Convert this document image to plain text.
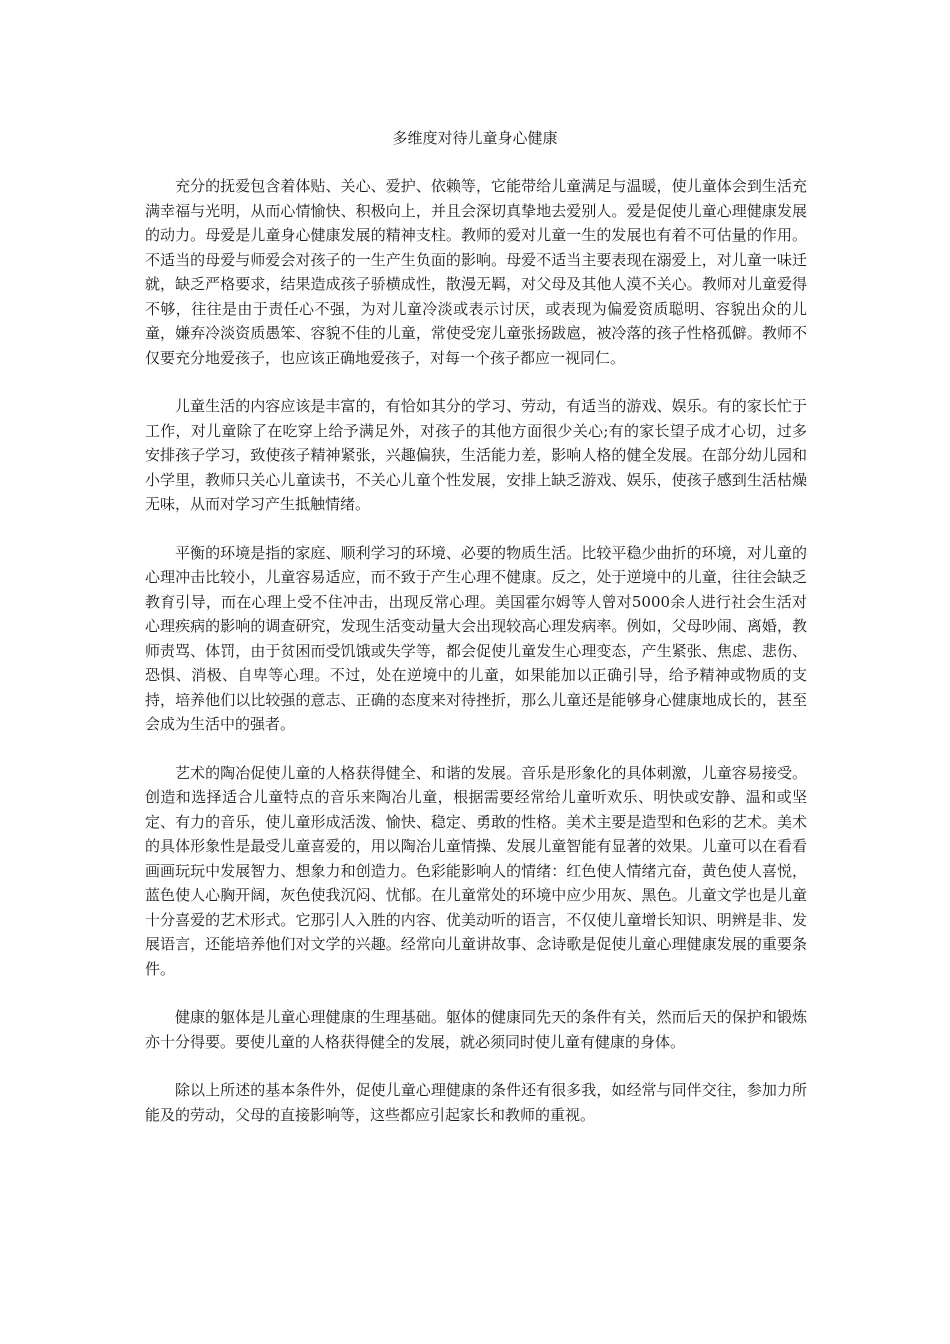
多维度对待儿童身心健康

充分的抚爱包含着体贴、关心、爱护、依赖等，它能带给儿童满足与温暖，使儿童体会到生活充满幸福与光明，从而心情愉快、积极向上，并且会深切真挚地去爱别人。爱是促使儿童心理健康发展的动力。母爱是儿童身心健康发展的精神支柱。教师的爱对儿童一生的发展也有着不可估量的作用。不适当的母爱与师爱会对孩子的一生产生负面的影响。母爱不适当主要表现在溺爱上，对儿童一味迁就，缺乏严格要求，结果造成孩子骄横成性，散漫无羁，对父母及其他人漠不关心。教师对儿童爱得不够，往往是由于责任心不强，为对儿童冷淡或表示讨厌，或表现为偏爱资质聪明、容貌出众的儿童，嫌弃冷淡资质愚笨、容貌不佳的儿童，常使受宠儿童张扬跋扈，被冷落的孩子性格孤僻。教师不仅要充分地爱孩子，也应该正确地爱孩子，对每一个孩子都应一视同仁。

儿童生活的内容应该是丰富的，有恰如其分的学习、劳动，有适当的游戏、娱乐。有的家长忙于工作，对儿童除了在吃穿上给予满足外，对孩子的其他方面很少关心;有的家长望子成才心切，过多安排孩子学习，致使孩子精神紧张，兴趣偏狭，生活能力差，影响人格的健全发展。在部分幼儿园和小学里，教师只关心儿童读书，不关心儿童个性发展，安排上缺乏游戏、娱乐，使孩子感到生活枯燥无味，从而对学习产生抵触情绪。

平衡的环境是指的家庭、顺利学习的环境、必要的物质生活。比较平稳少曲折的环境，对儿童的心理冲击比较小，儿童容易适应，而不致于产生心理不健康。反之，处于逆境中的儿童，往往会缺乏教育引导，而在心理上受不住冲击，出现反常心理。美国霍尔姆等人曾对5000余人进行社会生活对心理疾病的影响的调查研究，发现生活变动量大会出现较高心理发病率。例如，父母吵闹、离婚，教师责骂、体罚，由于贫困而受饥饿或失学等，都会促使儿童发生心理变态，产生紧张、焦虑、悲伤、恐惧、消极、自卑等心理。不过，处在逆境中的儿童，如果能加以正确引导，给予精神或物质的支持，培养他们以比较强的意志、正确的态度来对待挫折，那么儿童还是能够身心健康地成长的，甚至会成为生活中的强者。

艺术的陶冶促使儿童的人格获得健全、和谐的发展。音乐是形象化的具体刺激，儿童容易接受。创造和选择适合儿童特点的音乐来陶冶儿童，根据需要经常给儿童听欢乐、明快或安静、温和或坚定、有力的音乐，使儿童形成活泼、愉快、稳定、勇敢的性格。美术主要是造型和色彩的艺术。美术的具体形象性是最受儿童喜爱的，用以陶冶儿童情操、发展儿童智能有显著的效果。儿童可以在看看画画玩玩中发展智力、想象力和创造力。色彩能影响人的情绪：红色使人情绪亢奋，黄色使人喜悦，蓝色使人心胸开阔，灰色使我沉闷、忧郁。在儿童常处的环境中应少用灰、黑色。儿童文学也是儿童十分喜爱的艺术形式。它那引人入胜的内容、优美动听的语言，不仅使儿童增长知识、明辨是非、发展语言，还能培养他们对文学的兴趣。经常向儿童讲故事、念诗歌是促使儿童心理健康发展的重要条件。

健康的躯体是儿童心理健康的生理基础。躯体的健康同先天的条件有关，然而后天的保护和锻炼亦十分得要。要使儿童的人格获得健全的发展，就必须同时使儿童有健康的身体。

除以上所述的基本条件外，促使儿童心理健康的条件还有很多我，如经常与同伴交往，参加力所能及的劳动，父母的直接影响等，这些都应引起家长和教师的重视。
